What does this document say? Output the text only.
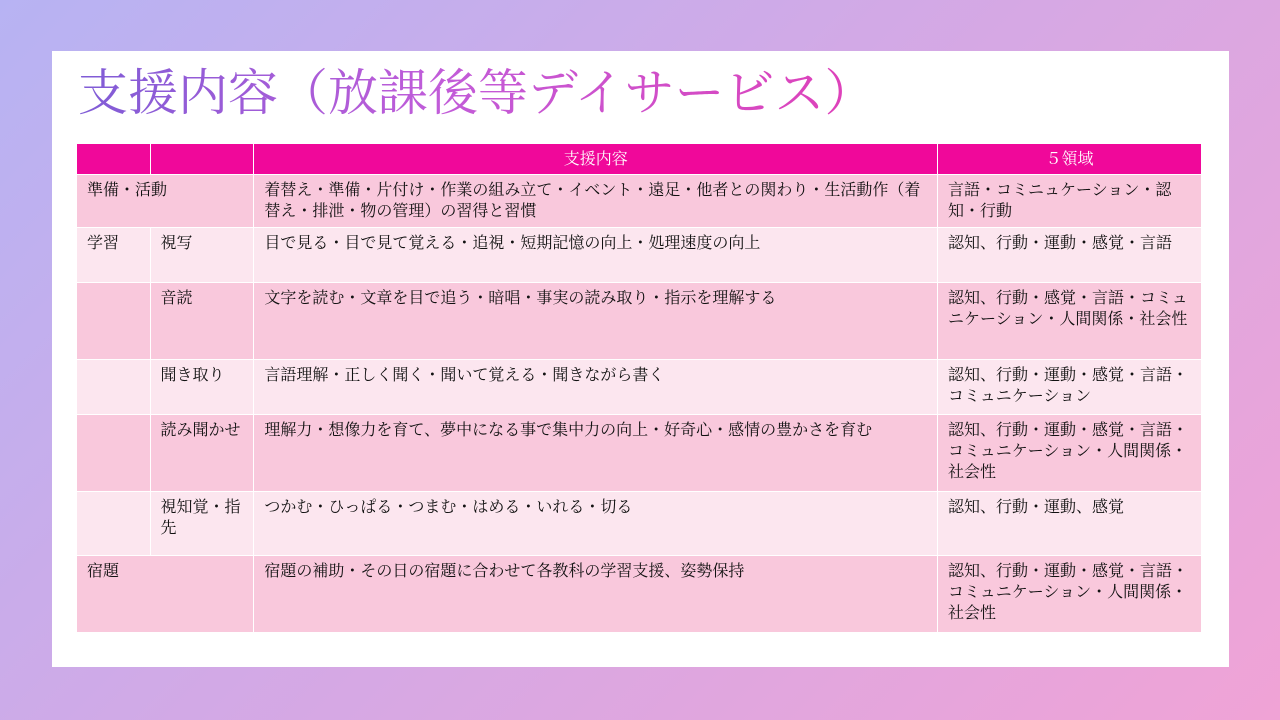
支援内容（放課後等デイサービス）
		支援内容	５領域
準備・活動		着替え・準備・片付け・作業の組み立て・イベント・遠足・他者との関わり・生活動作（着替え・排泄・物の管理）の習得と習慣	言語・コミニュケーション・認知・行動
学習	視写	目で見る・目で見て覚える・追視・短期記憶の向上・処理速度の向上	認知、行動・運動・感覚・言語
	音読	文字を読む・文章を目で追う・暗唱・事実の読み取り・指示を理解する	認知、行動・感覚・言語・コミュニケーション・人間関係・社会性
	聞き取り	言語理解・正しく聞く・聞いて覚える・聞きながら書く	認知、行動・運動・感覚・言語・コミュニケーション
	読み聞かせ	理解力・想像力を育て、夢中になる事で集中力の向上・好奇心・感情の豊かさを育む	認知、行動・運動・感覚・言語・コミュニケーション・人間関係・社会性
	視知覚・指先	つかむ・ひっぱる・つまむ・はめる・いれる・切る	認知、行動・運動、感覚
宿題		宿題の補助・その日の宿題に合わせて各教科の学習支援、姿勢保持	認知、行動・運動・感覚・言語・コミュニケーション・人間関係・社会性
